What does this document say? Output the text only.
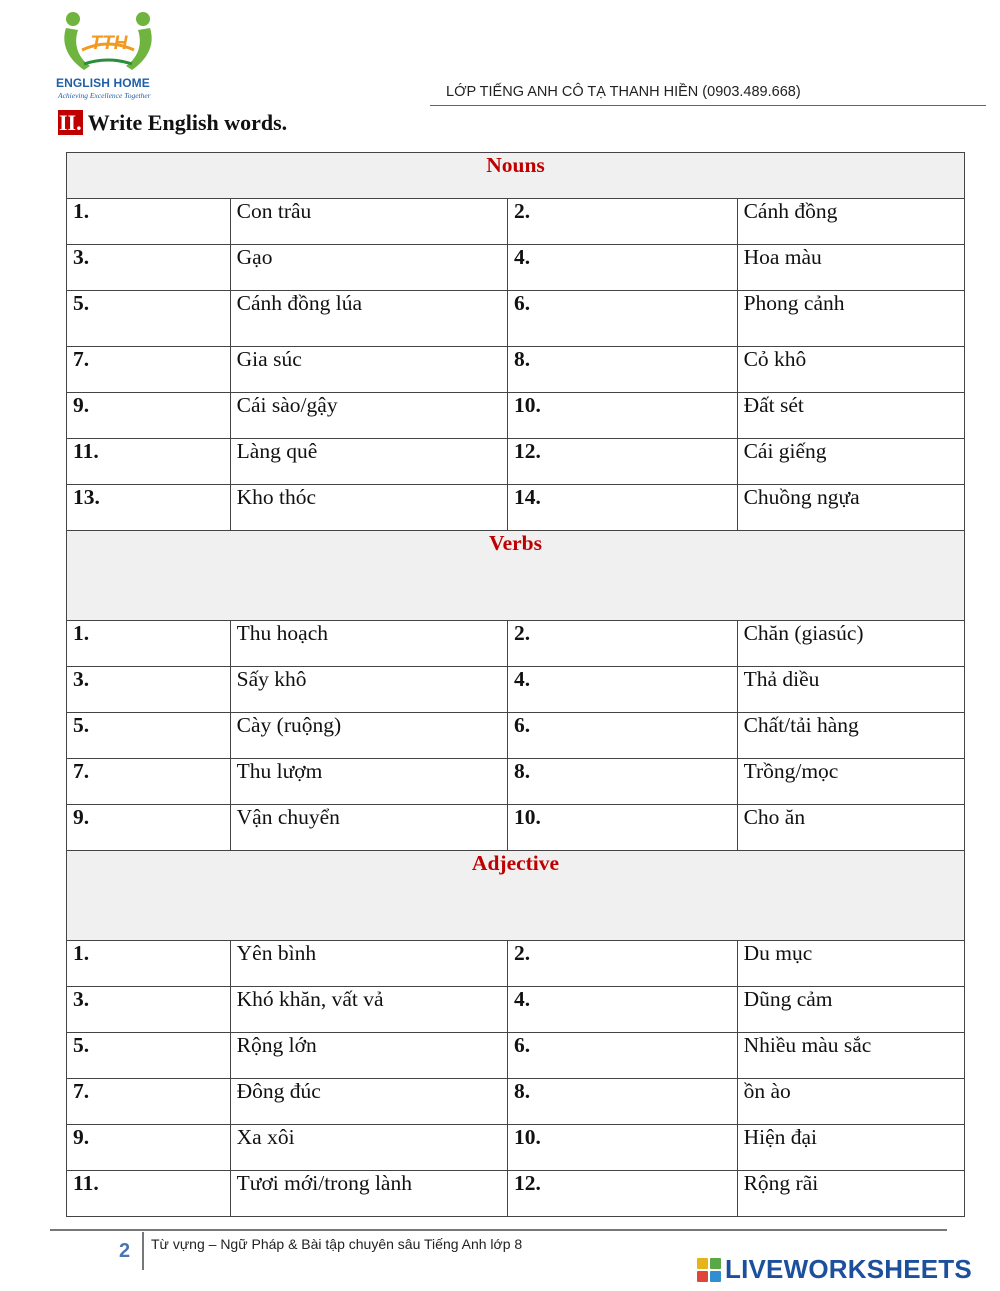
TTH
ENGLISH HOME
Achieving Excellence Together	LỚP TIẾNG ANH CÔ TẠ THANH HIỀN (0903.489.668)
II. Write English words.
Nouns			
1.	Con trâu	2.	Cánh đồng
3.	Gạo	4.	Hoa màu
5.	Cánh đồng lúa	6.	Phong cảnh
7.	Gia súc	8.	Cỏ khô
9.	Cái sào/gậy	10.	Đất sét
11.	Làng quê	12.	Cái giếng
13.	Kho thóc	14.	Chuồng ngựa
Verbs			
1.	Thu hoạch	2.	Chăn (giasúc)
3.	Sấy khô	4.	Thả diều
5.	Cày (ruộng)	6.	Chất/tải hàng
7.	Thu lượm	8.	Trồng/mọc
9.	Vận chuyển	10.	Cho ăn
Adjective			
1.	Yên bình	2.	Du mục
3.	Khó khăn, vất vả	4.	Dũng cảm
5.	Rộng lớn	6.	Nhiều màu sắc
7.	Đông đúc	8.	ồn ào
9.	Xa xôi	10.	Hiện đại
11.	Tươi mới/trong lành	12.	Rộng rãi
2 Từ vựng – Ngữ Pháp & Bài tập chuyên sâu Tiếng Anh lớp 8
LIVEWORKSHEETS
